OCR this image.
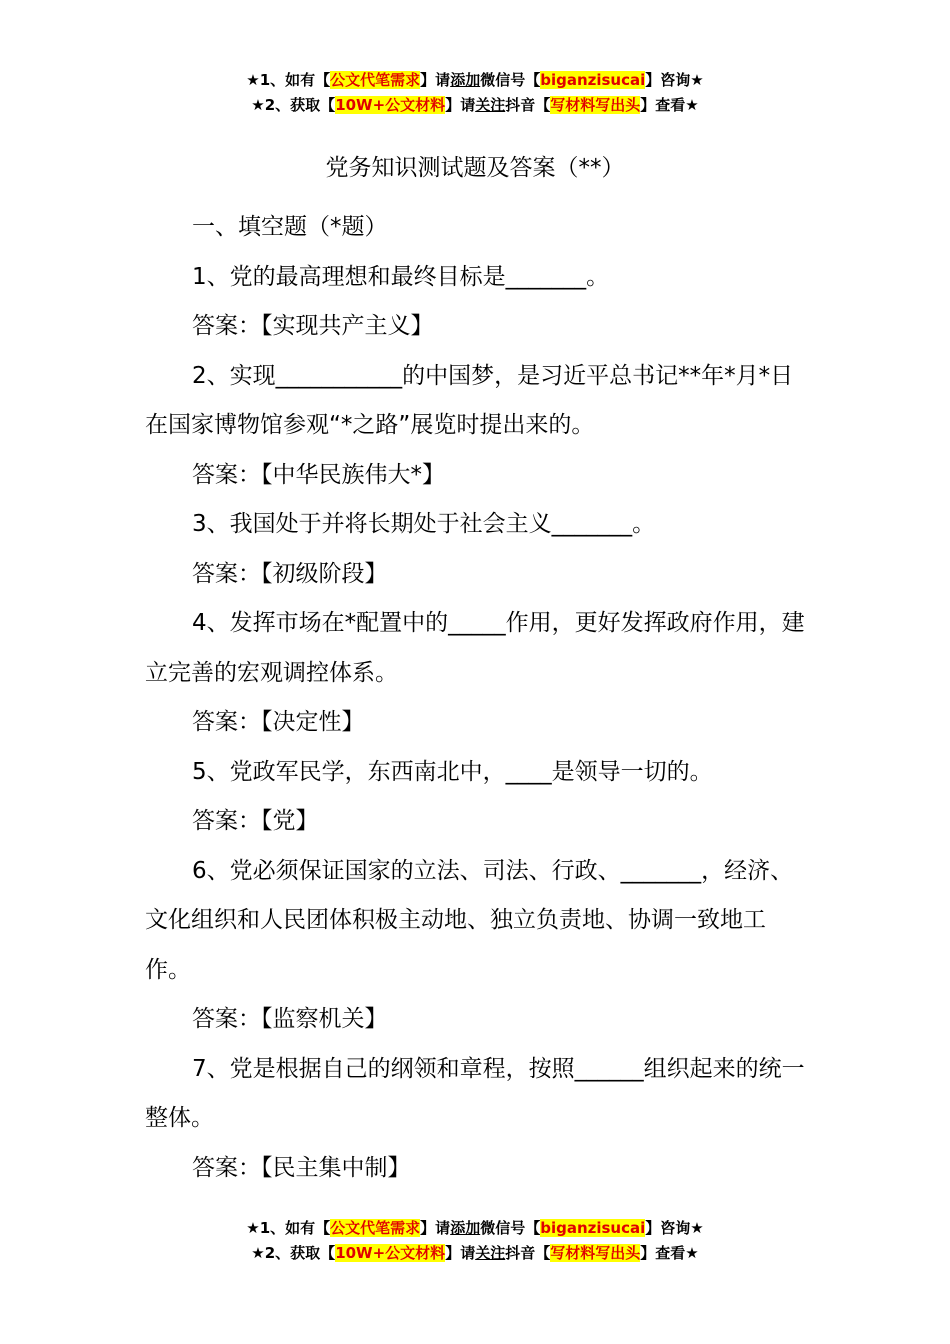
★1、如有【公文代笔需求】请添加微信号【biganzisucai】咨询★
★2、获取【10W+公文材料】请关注抖音【写材料写出头】查看★
党务知识测试题及答案（**）

一、填空题（*题）

1、党的最高理想和最终目标是_______。

答案：【实现共产主义】

2、实现___________的中国梦，是习近平总书记**年*月*日在国家博物馆参观“*之路”展览时提出来的。

答案：【中华民族伟大*】

3、我国处于并将长期处于社会主义_______。

答案：【初级阶段】

4、发挥市场在*配置中的_____作用，更好发挥政府作用，建立完善的宏观调控体系。

答案：【决定性】

5、党政军民学，东西南北中，____是领导一切的。

答案：【党】

6、党必须保证国家的立法、司法、行政、_______，经济、文化组织和人民团体积极主动地、独立负责地、协调一致地工作。

答案：【监察机关】

7、党是根据自己的纲领和章程，按照______组织起来的统一整体。

答案：【民主集中制】

★1、如有【公文代笔需求】请添加微信号【biganzisucai】咨询★
★2、获取【10W+公文材料】请关注抖音【写材料写出头】查看★
